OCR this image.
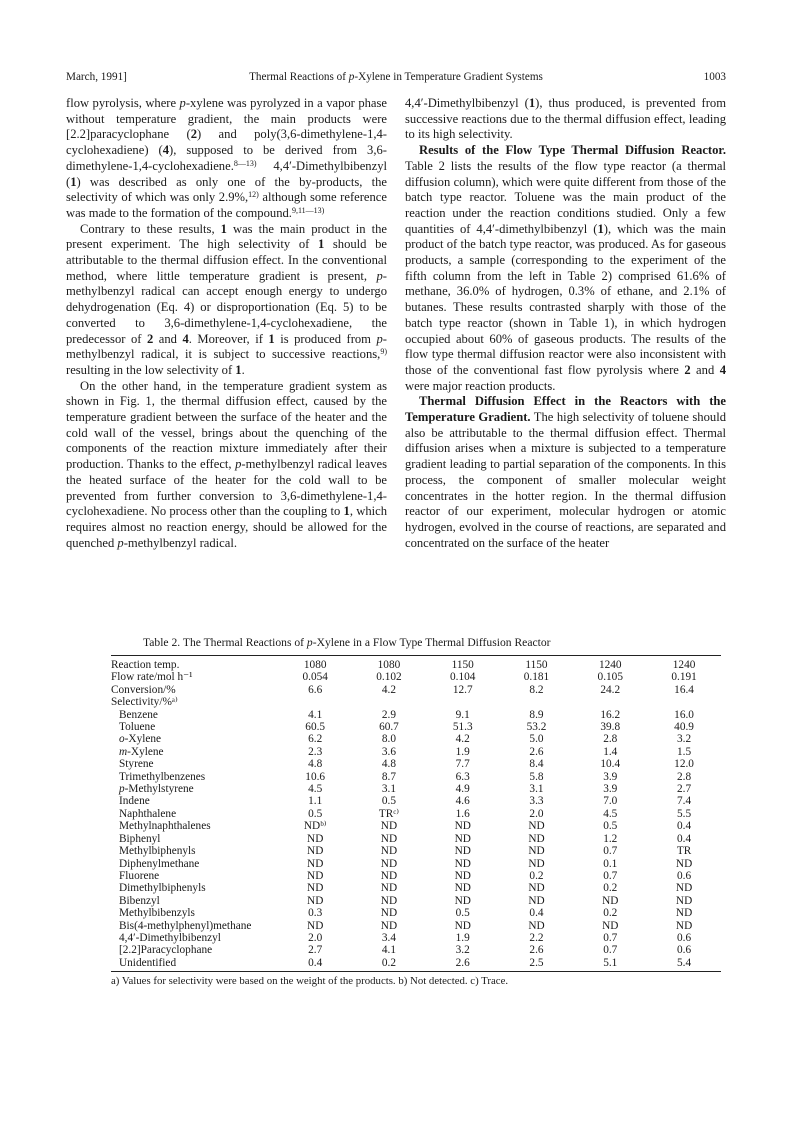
March, 1991]	Thermal Reactions of p-Xylene in Temperature Gradient Systems	1003

flow pyrolysis, where p-xylene was pyrolyzed in a vapor phase without temperature gradient, the main products were [2.2]paracyclophane (2) and poly(3,6-dimethylene-1,4-cyclohexadiene) (4), supposed to be derived from 3,6-dimethylene-1,4-cyclohexadiene.$^{8—13)}$ 4,4′-Dimethylbibenzyl (1) was described as only one of the by-products, the selectivity of which was only 2.9%,$^{12)}$ although some reference was made to the formation of the compound.$^{9,11—13)}$

Contrary to these results, 1 was the main product in the present experiment. The high selectivity of 1 should be attributable to the thermal diffusion effect. In the conventional method, where little temperature gradient is present, p-methylbenzyl radical can accept enough energy to undergo dehydrogenation (Eq. 4) or disproportionation (Eq. 5) to be converted to 3,6-dimethylene-1,4-cyclohexadiene, the predecessor of 2 and 4. Moreover, if 1 is produced from p-methylbenzyl radical, it is subject to successive reactions,$^{9)}$ resulting in the low selectivity of 1.

On the other hand, in the temperature gradient system as shown in Fig. 1, the thermal diffusion effect, caused by the temperature gradient between the surface of the heater and the cold wall of the vessel, brings about the quenching of the components of the reaction mixture immediately after their production. Thanks to the effect, p-methylbenzyl radical leaves the heated surface of the heater for the cold wall to be prevented from further conversion to 3,6-dimethylene-1,4-cyclohexadiene. No process other than the coupling to 1, which requires almost no reaction energy, should be allowed for the quenched p-methylbenzyl radical.

4,4′-Dimethylbibenzyl (1), thus produced, is prevented from successive reactions due to the thermal diffusion effect, leading to its high selectivity.

Results of the Flow Type Thermal Diffusion Reactor. Table 2 lists the results of the flow type reactor (a thermal diffusion column), which were quite different from those of the batch type reactor. Toluene was the main product of the reaction under the reaction conditions studied. Only a few quantities of 4,4′-dimethylbibenzyl (1), which was the main product of the batch type reactor, was produced. As for gaseous products, a sample (corresponding to the experiment of the fifth column from the left in Table 2) comprised 61.6% of methane, 36.0% of hydrogen, 0.3% of ethane, and 2.1% of butanes. These results contrasted sharply with those of the batch type reactor (shown in Table 1), in which hydrogen occupied about 60% of gaseous products. The results of the flow type thermal diffusion reactor were also inconsistent with those of the conventional fast flow pyrolysis where 2 and 4 were major reaction products.

Thermal Diffusion Effect in the Reactors with the Temperature Gradient. The high selectivity of toluene should also be attributable to the thermal diffusion effect. Thermal diffusion arises when a mixture is subjected to a temperature gradient leading to partial separation of the components. In this process, the component of smaller molecular weight concentrates in the hotter region. In the thermal diffusion reactor of our experiment, molecular hydrogen or atomic hydrogen, evolved in the course of reactions, are separated and concentrated on the surface of the heater

Table 2. The Thermal Reactions of p-Xylene in a Flow Type Thermal Diffusion Reactor

Reaction temp.	1080	1080	1150	1150	1240	1240
Flow rate/mol h⁻¹	0.054	0.102	0.104	0.181	0.105	0.191
Conversion/%	6.6	4.2	12.7	8.2	24.2	16.4
Selectivity/%ᵃ⁾						
Benzene	4.1	2.9	9.1	8.9	16.2	16.0
Toluene	60.5	60.7	51.3	53.2	39.8	40.9
o-Xylene	6.2	8.0	4.2	5.0	2.8	3.2
m-Xylene	2.3	3.6	1.9	2.6	1.4	1.5
Styrene	4.8	4.8	7.7	8.4	10.4	12.0
Trimethylbenzenes	10.6	8.7	6.3	5.8	3.9	2.8
p-Methylstyrene	4.5	3.1	4.9	3.1	3.9	2.7
Indene	1.1	0.5	4.6	3.3	7.0	7.4
Naphthalene	0.5	TRᶜ⁾	1.6	2.0	4.5	5.5
Methylnaphthalenes	NDᵇ⁾	ND	ND	ND	0.5	0.4
Biphenyl	ND	ND	ND	ND	1.2	0.4
Methylbiphenyls	ND	ND	ND	ND	0.7	TR
Diphenylmethane	ND	ND	ND	ND	0.1	ND
Fluorene	ND	ND	ND	0.2	0.7	0.6
Dimethylbiphenyls	ND	ND	ND	ND	0.2	ND
Bibenzyl	ND	ND	ND	ND	ND	ND
Methylbibenzyls	0.3	ND	0.5	0.4	0.2	ND
Bis(4-methylphenyl)methane	ND	ND	ND	ND	ND	ND
4,4′-Dimethylbibenzyl	2.0	3.4	1.9	2.2	0.7	0.6
[2.2]Paracyclophane	2.7	4.1	3.2	2.6	0.7	0.6
Unidentified	0.4	0.2	2.6	2.5	5.1	5.4
a) Values for selectivity were based on the weight of the products. b) Not detected. c) Trace.
